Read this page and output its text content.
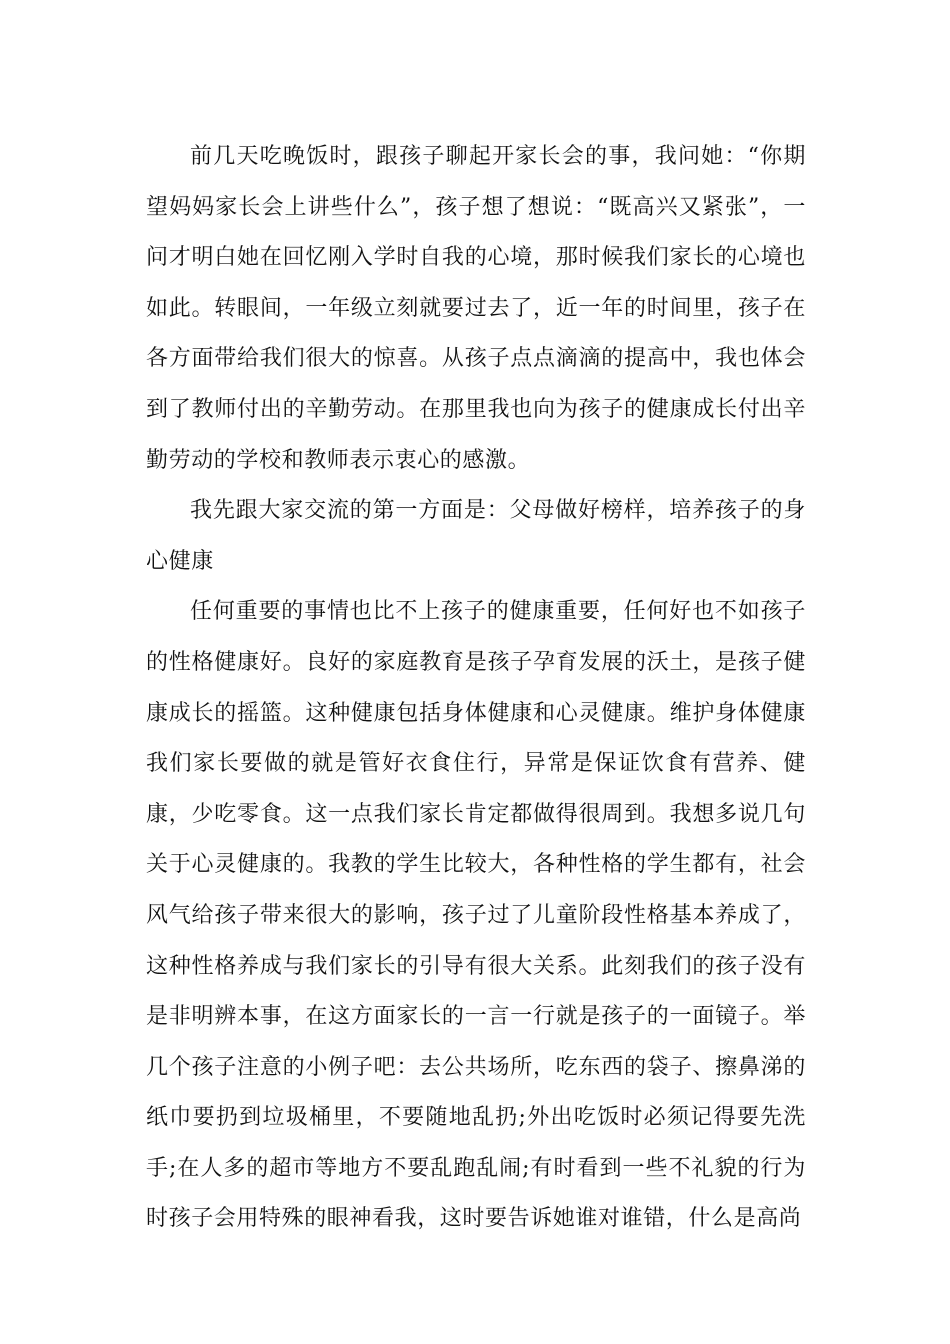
前几天吃晚饭时，跟孩子聊起开家长会的事，我问她：“你期望妈妈家长会上讲些什么”，孩子想了想说：“既高兴又紧张”，一问才明白她在回忆刚入学时自我的心境，那时候我们家长的心境也如此。转眼间，一年级立刻就要过去了，近一年的时间里，孩子在各方面带给我们很大的惊喜。从孩子点点滴滴的提高中，我也体会到了教师付出的辛勤劳动。在那里我也向为孩子的健康成长付出辛勤劳动的学校和教师表示衷心的感激。

我先跟大家交流的第一方面是：父母做好榜样，培养孩子的身心健康

任何重要的事情也比不上孩子的健康重要，任何好也不如孩子的性格健康好。良好的家庭教育是孩子孕育发展的沃土，是孩子健康成长的摇篮。这种健康包括身体健康和心灵健康。维护身体健康我们家长要做的就是管好衣食住行，异常是保证饮食有营养、健康，少吃零食。这一点我们家长肯定都做得很周到。我想多说几句关于心灵健康的。我教的学生比较大，各种性格的学生都有，社会风气给孩子带来很大的影响，孩子过了儿童阶段性格基本养成了，这种性格养成与我们家长的引导有很大关系。此刻我们的孩子没有是非明辨本事，在这方面家长的一言一行就是孩子的一面镜子。举几个孩子注意的小例子吧：去公共场所，吃东西的袋子、擦鼻涕的纸巾要扔到垃圾桶里，不要随地乱扔;外出吃饭时必须记得要先洗手;在人多的超市等地方不要乱跑乱闹;有时看到一些不礼貌的行为时孩子会用特殊的眼神看我，这时要告诉她谁对谁错，什么是高尚
